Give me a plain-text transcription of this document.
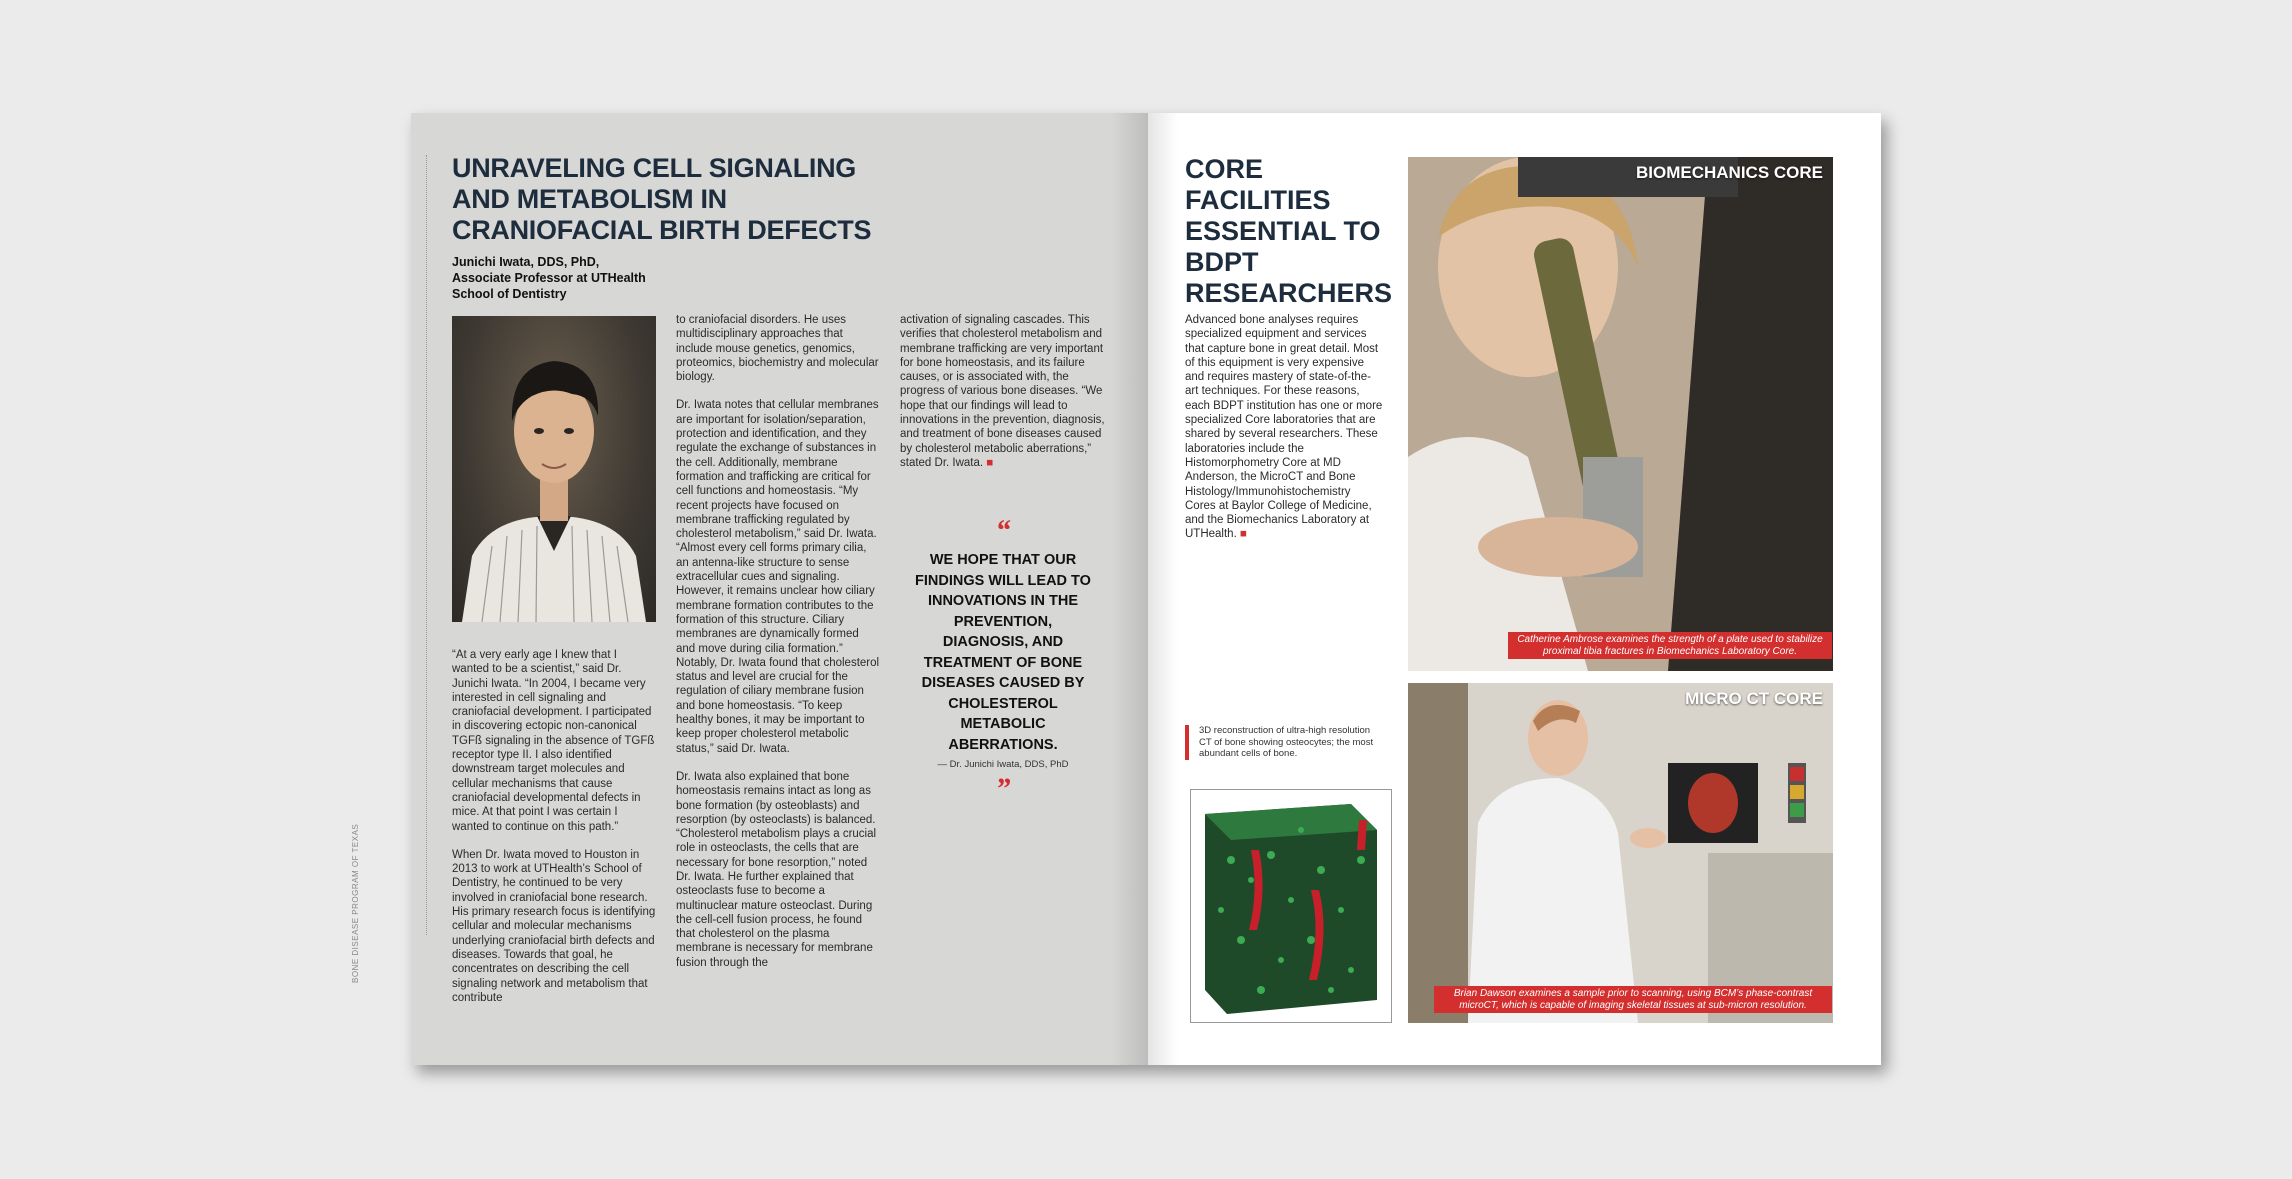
BONE DISEASE PROGRAM OF TEXAS
UNRAVELING CELL SIGNALING AND METABOLISM IN CRANIOFACIAL BIRTH DEFECTS
Junichi Iwata, DDS, PhD,
Associate Professor at UTHealth
School of Dentistry

“At a very early age I knew that I wanted to be a scientist,” said Dr. Junichi Iwata. “In 2004, I became very interested in cell signaling and craniofacial development. I participated in discovering ectopic non-canonical TGFß signaling in the absence of TGFß receptor type II. I also identified downstream target molecules and cellular mechanisms that cause craniofacial developmental defects in mice. At that point I was certain I wanted to continue on this path.”

When Dr. Iwata moved to Houston in 2013 to work at UTHealth’s School of Dentistry, he continued to be very involved in craniofacial bone research. His primary research focus is identifying cellular and molecular mechanisms underlying craniofacial birth defects and diseases. Towards that goal, he concentrates on describing the cell signaling network and metabolism that contribute

to craniofacial disorders. He uses multidisciplinary approaches that include mouse genetics, genomics, proteomics, biochemistry and molecular biology.

Dr. Iwata notes that cellular membranes are important for isolation/separation, protection and identification, and they regulate the exchange of substances in the cell. Additionally, membrane formation and trafficking are critical for cell functions and homeostasis. “My recent projects have focused on membrane trafficking regulated by cholesterol metabolism,” said Dr. Iwata. “Almost every cell forms primary cilia, an antenna-like structure to sense extracellular cues and signaling. However, it remains unclear how ciliary membrane formation contributes to the formation of this structure. Ciliary membranes are dynamically formed and move during cilia formation.” Notably, Dr. Iwata found that cholesterol status and level are crucial for the regulation of ciliary membrane fusion and bone homeostasis. “To keep healthy bones, it may be important to keep proper cholesterol metabolic status,” said Dr. Iwata.

Dr. Iwata also explained that bone homeostasis remains intact as long as bone formation (by osteoblasts) and resorption (by osteoclasts) is balanced. “Cholesterol metabolism plays a crucial role in osteoclasts, the cells that are necessary for bone resorption,” noted Dr. Iwata. He further explained that osteoclasts fuse to become a multinuclear mature osteoclast. During the cell-cell fusion process, he found that cholesterol on the plasma membrane is necessary for membrane fusion through the

activation of signaling cascades. This verifies that cholesterol metabolism and membrane trafficking are very important for bone homeostasis, and its failure causes, or is associated with, the progress of various bone diseases. “We hope that our findings will lead to innovations in the prevention, diagnosis, and treatment of bone diseases caused by cholesterol metabolic aberrations,” stated Dr. Iwata. ■

“
WE HOPE THAT OUR FINDINGS WILL LEAD TO INNOVATIONS IN THE PREVENTION, DIAGNOSIS, AND TREATMENT OF BONE DISEASES CAUSED BY CHOLESTEROL METABOLIC ABERRATIONS.
— Dr. Junichi Iwata, DDS, PhD
”
CORE FACILITIES ESSENTIAL TO BDPT RESEARCHERS

Advanced bone analyses requires specialized equipment and services that capture bone in great detail. Most of this equipment is very expensive and requires mastery of state-of-the-art techniques. For these reasons, each BDPT institution has one or more specialized Core laboratories that are shared by several researchers. These laboratories include the Histomorphometry Core at MD Anderson, the MicroCT and Bone Histology/Immunohistochemistry Cores at Baylor College of Medicine, and the Biomechanics Laboratory at UTHealth. ■

BIOMECHANICS CORE
Catherine Ambrose examines the strength of a plate used to stabilize proximal tibia fractures in Biomechanics Laboratory Core.
3D reconstruction of ultra-high resolution CT of bone showing osteocytes; the most abundant cells of bone.
MICRO CT CORE
Brian Dawson examines a sample prior to scanning, using BCM’s phase-contrast microCT, which is capable of imaging skeletal tissues at sub-micron resolution.
